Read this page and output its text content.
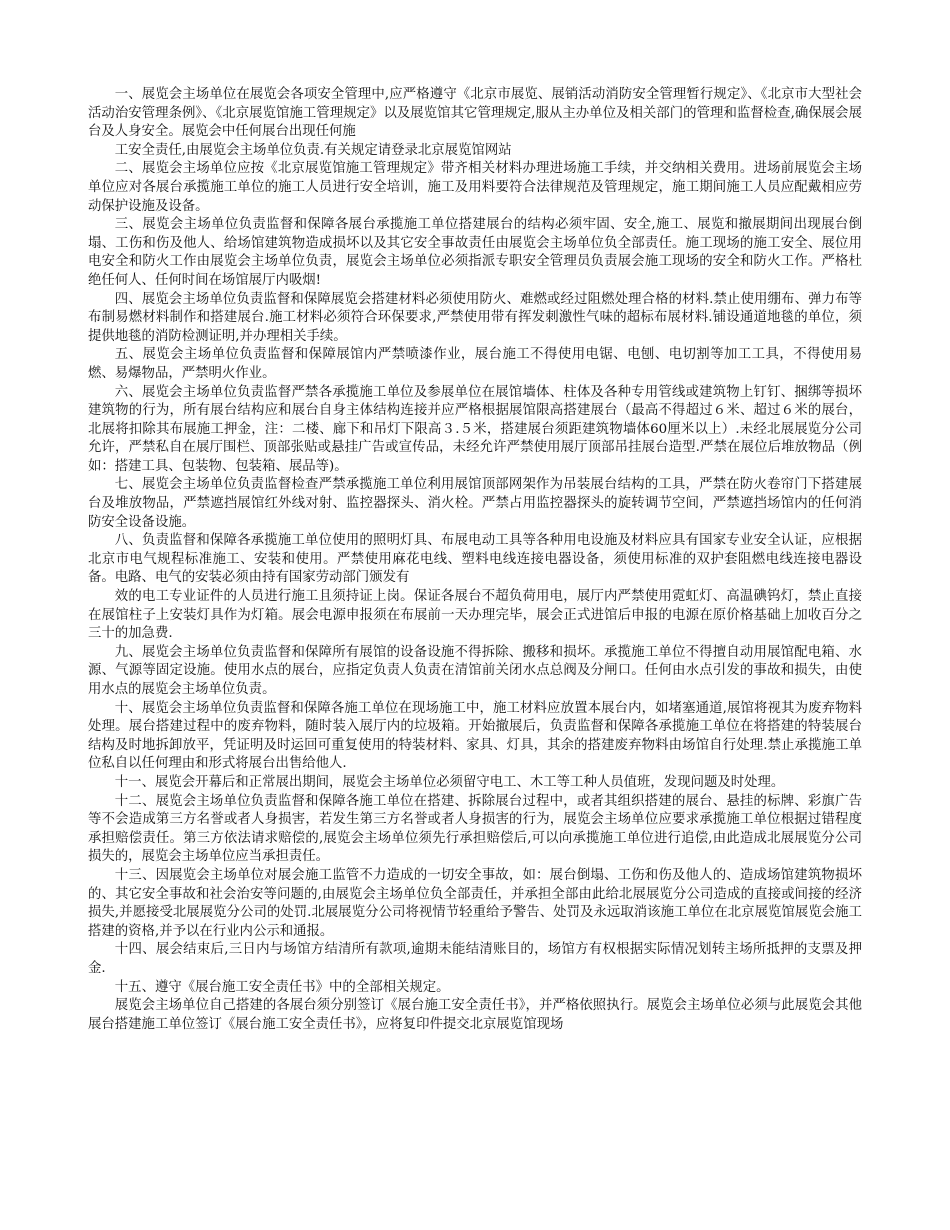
一、展览会主场单位在展览会各项安全管理中,应严格遵守《北京市展览、展销活动消防安全管理暂行规定》、《北京市大型社会活动治安管理条例》、《北京展览馆施工管理规定》以及展览馆其它管理规定,服从主办单位及相关部门的管理和监督检查,确保展会展台及人身安全。展览会中任何展台出现任何施

工安全责任,由展览会主场单位负责.有关规定请登录北京展览馆网站

二、展览会主场单位应按《北京展览馆施工管理规定》带齐相关材料办理进场施工手续，并交纳相关费用。进场前展览会主场单位应对各展台承揽施工单位的施工人员进行安全培训，施工及用料要符合法律规范及管理规定，施工期间施工人员应配戴相应劳动保护设施及设备。

三、展览会主场单位负责监督和保障各展台承揽施工单位搭建展台的结构必须牢固、安全,施工、展览和撤展期间出现展台倒塌、工伤和伤及他人、给场馆建筑物造成损坏以及其它安全事故责任由展览会主场单位负全部责任。施工现场的施工安全、展位用电安全和防火工作由展览会主场单位负责，展览会主场单位必须指派专职安全管理员负责展会施工现场的安全和防火工作。严格杜绝任何人、任何时间在场馆展厅内吸烟!

四、展览会主场单位负责监督和保障展览会搭建材料必须使用防火、难燃或经过阻燃处理合格的材料.禁止使用绷布、弹力布等布制易燃材料制作和搭建展台.施工材料必须符合环保要求,严禁使用带有挥发刺激性气味的超标布展材料.铺设通道地毯的单位，须提供地毯的消防检测证明,并办理相关手续。

五、展览会主场单位负责监督和保障展馆内严禁喷漆作业，展台施工不得使用电锯、电刨、电切割等加工工具，不得使用易燃、易爆物品，严禁明火作业。

六、展览会主场单位负责监督严禁各承揽施工单位及参展单位在展馆墙体、柱体及各种专用管线或建筑物上钉钉、捆绑等损坏建筑物的行为，所有展台结构应和展台自身主体结构连接并应严格根据展馆限高搭建展台（最高不得超过６米、超过６米的展台，北展将扣除其布展施工押金，注：二楼、廊下和吊灯下限高３.５米，搭建展台须距建筑物墙体60厘米以上）.未经北展展览分公司允许，严禁私自在展厅围栏、顶部张贴或悬挂广告或宣传品，未经允许严禁使用展厅顶部吊挂展台造型.严禁在展位后堆放物品（例如：搭建工具、包装物、包装箱、展品等)。

七、展览会主场单位负责监督检查严禁承揽施工单位利用展馆顶部网架作为吊装展台结构的工具，严禁在防火卷帘门下搭建展台及堆放物品，严禁遮挡展馆红外线对射、监控器探头、消火栓。严禁占用监控器探头的旋转调节空间，严禁遮挡场馆内的任何消防安全设备设施。

八、负责监督和保障各承揽施工单位使用的照明灯具、布展电动工具等各种用电设施及材料应具有国家专业安全认证，应根据北京市电气规程标准施工、安装和使用。严禁使用麻花电线、塑料电线连接电器设备，须使用标准的双护套阻燃电线连接电器设备。电路、电气的安装必须由持有国家劳动部门颁发有

效的电工专业证件的人员进行施工且须持证上岗。保证各展台不超负荷用电，展厅内严禁使用霓虹灯、高温碘钨灯，禁止直接在展馆柱子上安装灯具作为灯箱。展会电源申报须在布展前一天办理完毕，展会正式进馆后申报的电源在原价格基础上加收百分之三十的加急费.

九、展览会主场单位负责监督和保障所有展馆的设备设施不得拆除、搬移和损坏。承揽施工单位不得擅自动用展馆配电箱、水源、气源等固定设施。使用水点的展台，应指定负责人负责在清馆前关闭水点总阀及分闸口。任何由水点引发的事故和损失，由使用水点的展览会主场单位负责。

十、展览会主场单位负责监督和保障各施工单位在现场施工中，施工材料应放置本展台内，如堵塞通道,展馆将视其为废弃物料处理。展台搭建过程中的废弃物料，随时装入展厅内的垃圾箱。开始撤展后，负责监督和保障各承揽施工单位在将搭建的特装展台结构及时地拆卸放平，凭证明及时运回可重复使用的特装材料、家具、灯具，其余的搭建废弃物料由场馆自行处理.禁止承揽施工单位私自以任何理由和形式将展台出售给他人.

十一、展览会开幕后和正常展出期间，展览会主场单位必须留守电工、木工等工种人员值班，发现问题及时处理。

十二、展览会主场单位负责监督和保障各施工单位在搭建、拆除展台过程中，或者其组织搭建的展台、悬挂的标牌、彩旗广告等不会造成第三方名誉或者人身损害，若发生第三方名誉或者人身损害的行为，展览会主场单位应要求承揽施工单位根据过错程度承担赔偿责任。第三方依法请求赔偿的,展览会主场单位须先行承担赔偿后,可以向承揽施工单位进行追偿,由此造成北展展览分公司损失的，展览会主场单位应当承担责任。

十三、因展览会主场单位对展会施工监管不力造成的一切安全事故，如：展台倒塌、工伤和伤及他人的、造成场馆建筑物损坏的、其它安全事故和社会治安等问题的,由展览会主场单位负全部责任，并承担全部由此给北展展览分公司造成的直接或间接的经济损失,并愿接受北展展览分公司的处罚.北展展览分公司将视情节轻重给予警告、处罚及永远取消该施工单位在北京展览馆展览会施工搭建的资格,并予以在行业内公示和通报。

十四、展会结束后,三日内与场馆方结清所有款项,逾期未能结清账目的，场馆方有权根据实际情况划转主场所抵押的支票及押金.

十五、遵守《展台施工安全责任书》中的全部相关规定。

展览会主场单位自己搭建的各展台须分别签订《展台施工安全责任书》，并严格依照执行。展览会主场单位必须与此展览会其他展台搭建施工单位签订《展台施工安全责任书》，应将复印件提交北京展览馆现场
